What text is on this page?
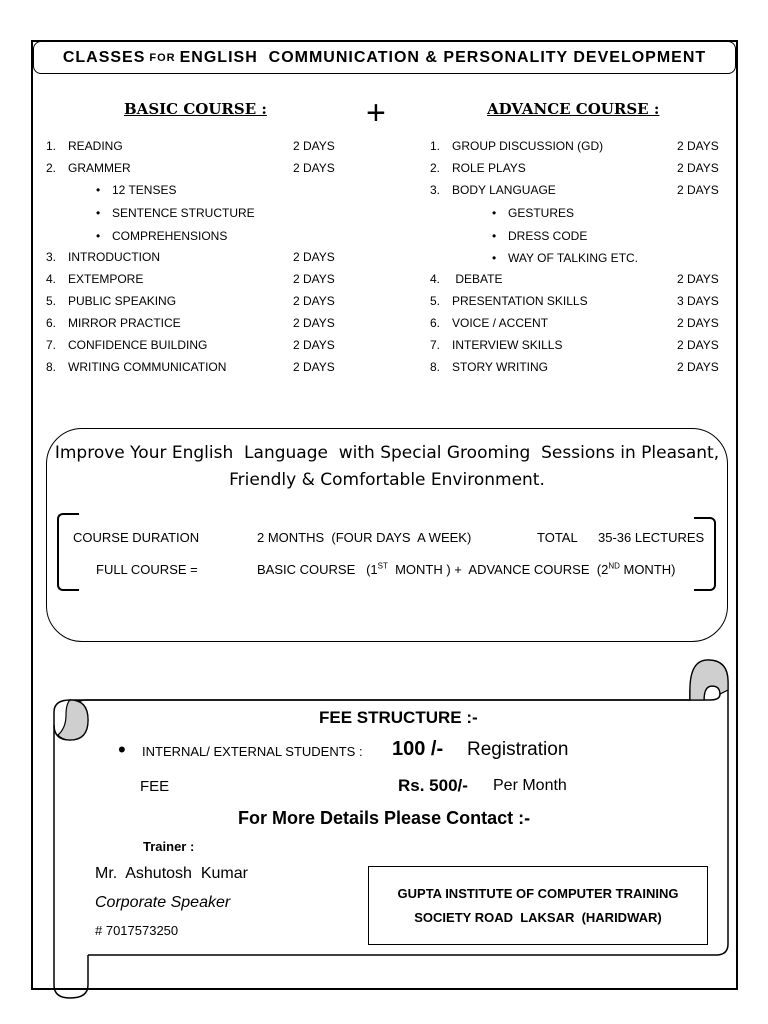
CLASSES FOR ENGLISH  COMMUNICATION & PERSONALITY DEVELOPMENT
BASIC COURSE :	+	ADVANCE COURSE :
1. READING	2 DAYS
2. GRAMMER	2 DAYS
• 12 TENSES
• SENTENCE STRUCTURE
• COMPREHENSIONS
3. INTRODUCTION	2 DAYS
4. EXTEMPORE	2 DAYS
5. PUBLIC SPEAKING	2 DAYS
6. MIRROR PRACTICE	2 DAYS
7. CONFIDENCE BUILDING	2 DAYS
8. WRITING COMMUNICATION	2 DAYS
1. GROUP DISCUSSION (GD)	2 DAYS
2. ROLE PLAYS	2 DAYS
3. BODY LANGUAGE	2 DAYS
• GESTURES
• DRESS CODE
• WAY OF TALKING ETC.
4. DEBATE	2 DAYS
5. PRESENTATION SKILLS	3 DAYS
6. VOICE / ACCENT	2 DAYS
7. INTERVIEW SKILLS	2 DAYS
8. STORY WRITING	2 DAYS
Improve Your English  Language  with Special Grooming  Sessions in Pleasant,
Friendly & Comfortable Environment.
COURSE DURATION	2 MONTHS  (FOUR DAYS  A WEEK)	TOTAL 35-36 LECTURES
FULL COURSE =	BASIC COURSE   (1ST  MONTH ) +  ADVANCE COURSE  (2ND MONTH)
FEE STRUCTURE :-
• INTERNAL/ EXTERNAL STUDENTS : 100 /- Registration
FEE	Rs. 500/- Per Month
For More Details Please Contact :-
Trainer :
Mr.  Ashutosh  Kumar
Corporate Speaker
# 7017573250
GUPTA INSTITUTE OF COMPUTER TRAINING
SOCIETY ROAD  LAKSAR  (HARIDWAR)
